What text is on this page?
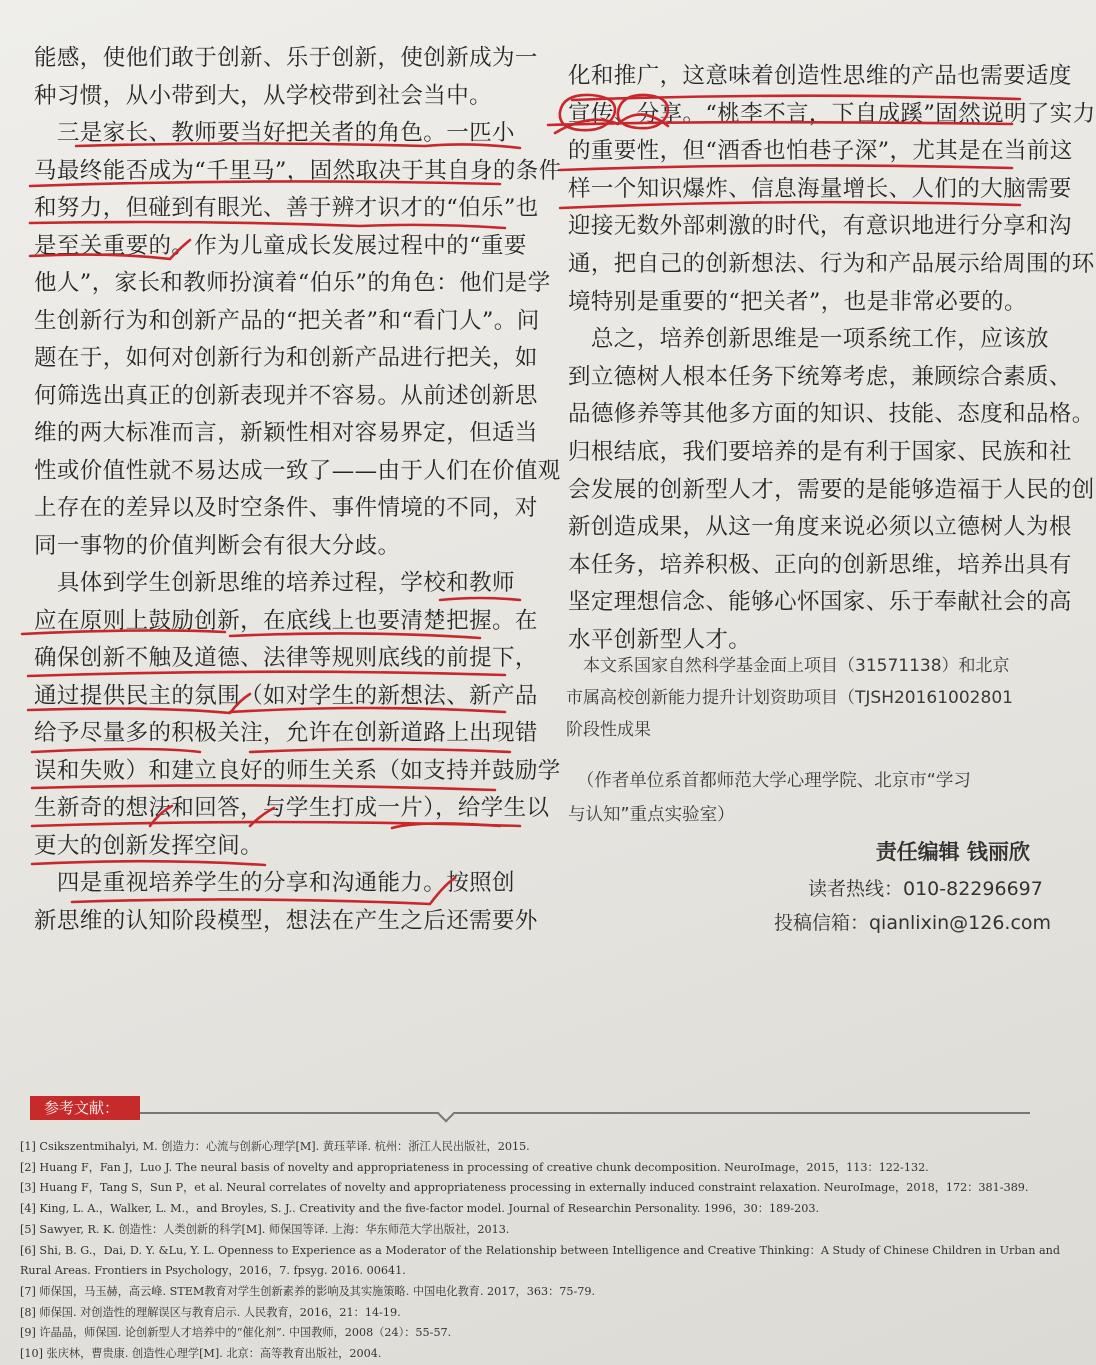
能感，使他们敢于创新、乐于创新，使创新成为一

种习惯，从小带到大，从学校带到社会当中。

　三是家长、教师要当好把关者的角色。一匹小

马最终能否成为“千里马”，固然取决于其自身的条件

和努力，但碰到有眼光、善于辨才识才的“伯乐”也

是至关重要的。作为儿童成长发展过程中的“重要

他人”，家长和教师扮演着“伯乐”的角色：他们是学

生创新行为和创新产品的“把关者”和“看门人”。问

题在于，如何对创新行为和创新产品进行把关，如

何筛选出真正的创新表现并不容易。从前述创新思

维的两大标准而言，新颖性相对容易界定，但适当

性或价值性就不易达成一致了——由于人们在价值观

上存在的差异以及时空条件、事件情境的不同，对

同一事物的价值判断会有很大分歧。

　具体到学生创新思维的培养过程，学校和教师

应在原则上鼓励创新，在底线上也要清楚把握。在

确保创新不触及道德、法律等规则底线的前提下，

通过提供民主的氛围（如对学生的新想法、新产品

给予尽量多的积极关注，允许在创新道路上出现错

误和失败）和建立良好的师生关系（如支持并鼓励学

生新奇的想法和回答，与学生打成一片），给学生以

更大的创新发挥空间。

　四是重视培养学生的分享和沟通能力。按照创

新思维的认知阶段模型，想法在产生之后还需要外

化和推广，这意味着创造性思维的产品也需要适度

宣传、分享。“桃李不言，下自成蹊”固然说明了实力

的重要性，但“酒香也怕巷子深”，尤其是在当前这

样一个知识爆炸、信息海量增长、人们的大脑需要

迎接无数外部刺激的时代，有意识地进行分享和沟

通，把自己的创新想法、行为和产品展示给周围的环

境特别是重要的“把关者”，也是非常必要的。

　总之，培养创新思维是一项系统工作，应该放

到立德树人根本任务下统筹考虑，兼顾综合素质、

品德修养等其他多方面的知识、技能、态度和品格。

归根结底，我们要培养的是有利于国家、民族和社

会发展的创新型人才，需要的是能够造福于人民的创

新创造成果，从这一角度来说必须以立德树人为根

本任务，培养积极、正向的创新思维，培养出具有

坚定理想信念、能够心怀国家、乐于奉献社会的高

水平创新型人才。

　本文系国家自然科学基金面上项目（31571138）和北京

市属高校创新能力提升计划资助项目（TJSH20161002801

阶段性成果

　（作者单位系首都师范大学心理学院、北京市“学习

与认知”重点实验室）

责任编辑 钱丽欣
读者热线：010-82296697
投稿信箱：qianlixin@126.com
参考文献：

[1] Csikszentmihalyi, M. 创造力：心流与创新心理学[M]. 黄珏苹译. 杭州：浙江人民出版社，2015.

[2] Huang F，Fan J，Luo J. The neural basis of novelty and appropriateness in processing of creative chunk decomposition. NeuroImage，2015，113：122-132.

[3] Huang F，Tang S，Sun P，et al. Neural correlates of novelty and appropriateness processing in externally induced constraint relaxation. NeuroImage，2018，172：381-389.

[4] King, L. A.，Walker, L. M.，and Broyles, S. J.. Creativity and the five-factor model. Journal of Researchin Personality. 1996，30：189-203.

[5] Sawyer, R. K. 创造性：人类创新的科学[M]. 师保国等译. 上海：华东师范大学出版社，2013.

[6] Shi, B. G.，Dai, D. Y. &Lu, Y. L. Openness to Experience as a Moderator of the Relationship between Intelligence and Creative Thinking：A Study of Chinese Children in Urban and

Rural Areas. Frontiers in Psychology，2016，7. fpsyg. 2016. 00641.

[7] 师保国，马玉赫，高云峰. STEM教育对学生创新素养的影响及其实施策略. 中国电化教育. 2017，363：75-79.

[8] 师保国. 对创造性的理解误区与教育启示. 人民教育，2016，21：14-19.

[9] 许晶晶，师保国. 论创新型人才培养中的“催化剂”. 中国教师，2008（24）：55-57.

[10] 张庆林，曹贵康. 创造性心理学[M]. 北京：高等教育出版社，2004.
